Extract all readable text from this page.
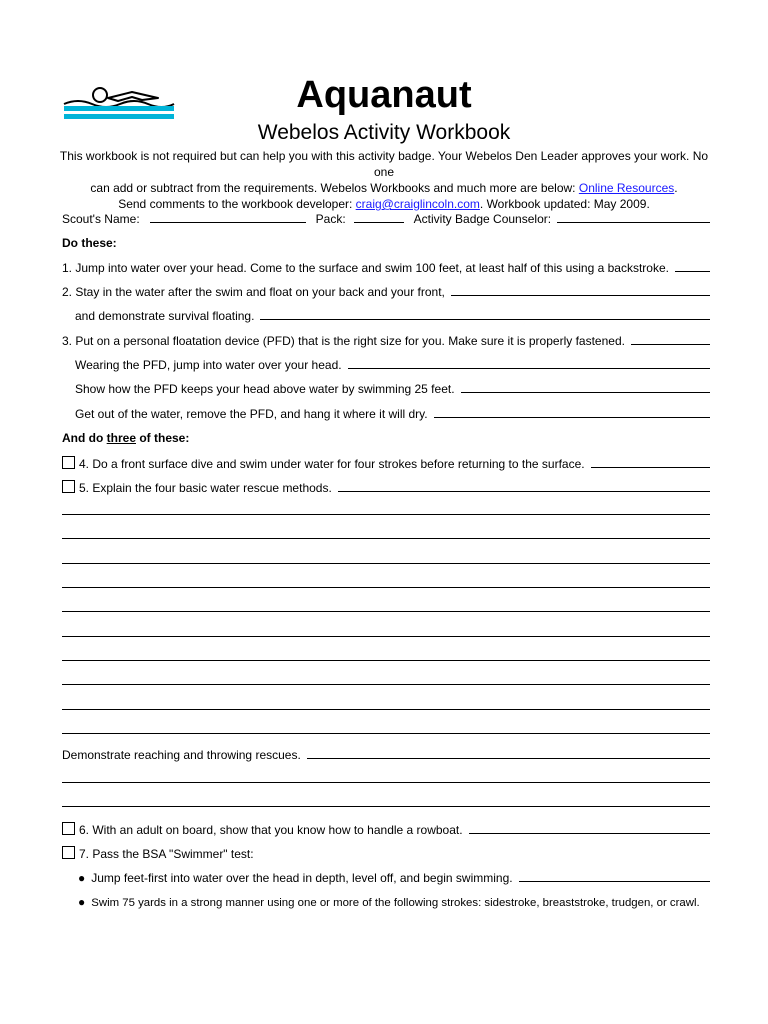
Aquanaut
Webelos Activity Workbook
This workbook is not required but can help you with this activity badge. Your Webelos Den Leader approves your work. No one
can add or subtract from the requirements. Webelos Workbooks and much more are below: Online Resources.
Send comments to the workbook developer: craig@craiglincoln.com. Workbook updated: May 2009.
Scout's Name:	Pack:	Activity Badge Counselor:
Do these:
1. Jump into water over your head. Come to the surface and swim 100 feet, at least half of this using a backstroke.
2. Stay in the water after the swim and float on your back and your front,
and demonstrate survival floating.
3. Put on a personal floatation device (PFD) that is the right size for you. Make sure it is properly fastened.
Wearing the PFD, jump into water over your head.
Show how the PFD keeps your head above water by swimming 25 feet.
Get out of the water, remove the PFD, and hang it where it will dry.
And do three of these:
4. Do a front surface dive and swim under water for four strokes before returning to the surface.
5. Explain the four basic water rescue methods.
Demonstrate reaching and throwing rescues.
6. With an adult on board, show that you know how to handle a rowboat.
7. Pass the BSA "Swimmer" test:
● Jump feet-first into water over the head in depth, level off, and begin swimming.
● Swim 75 yards in a strong manner using one or more of the following strokes: sidestroke, breaststroke, trudgen, or crawl.
